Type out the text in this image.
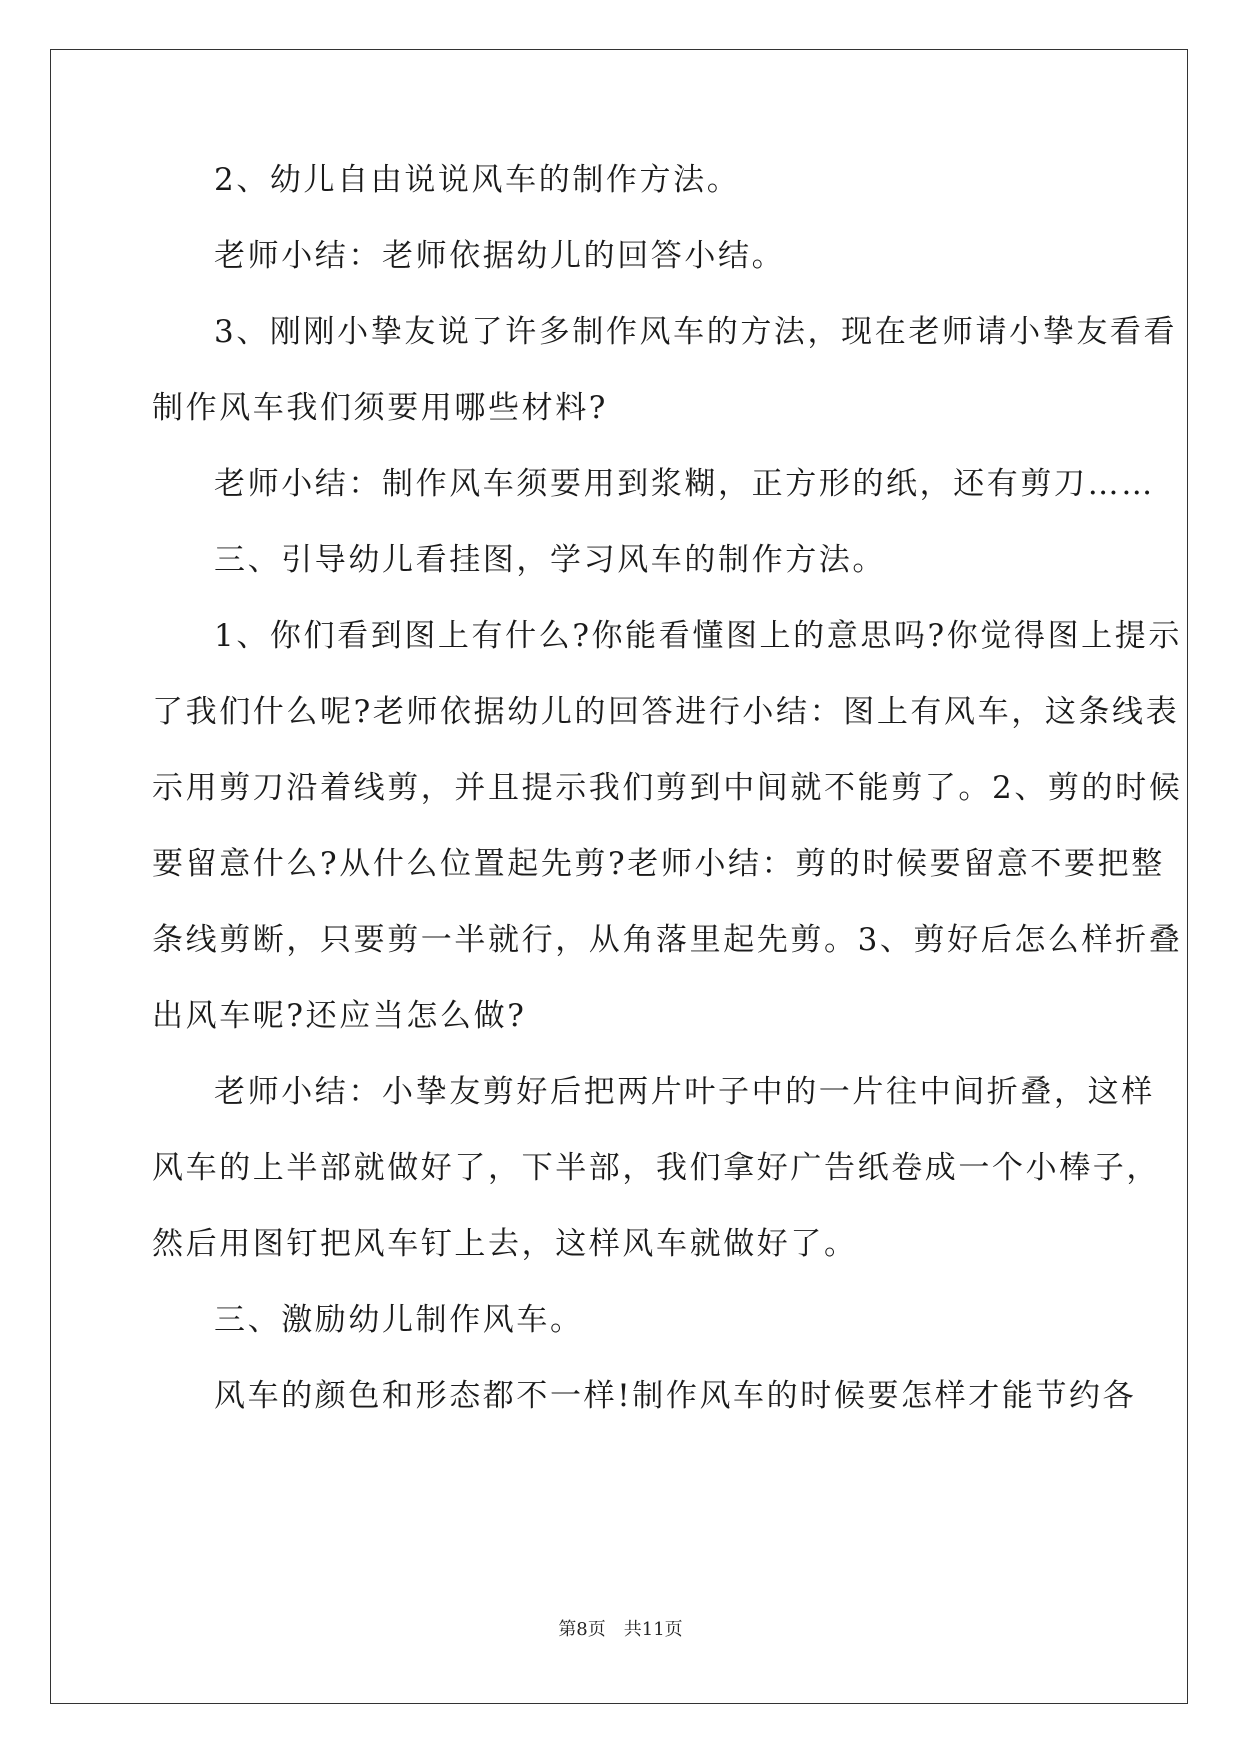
2、幼儿自由说说风车的制作方法。
老师小结：老师依据幼儿的回答小结。
3、刚刚小挚友说了许多制作风车的方法，现在老师请小挚友看看
制作风车我们须要用哪些材料?
老师小结：制作风车须要用到浆糊，正方形的纸，还有剪刀……
三、引导幼儿看挂图，学习风车的制作方法。
1、你们看到图上有什么?你能看懂图上的意思吗?你觉得图上提示
了我们什么呢?老师依据幼儿的回答进行小结：图上有风车，这条线表
示用剪刀沿着线剪，并且提示我们剪到中间就不能剪了。2、剪的时候
要留意什么?从什么位置起先剪?老师小结：剪的时候要留意不要把整
条线剪断，只要剪一半就行，从角落里起先剪。3、剪好后怎么样折叠
出风车呢?还应当怎么做?
老师小结：小挚友剪好后把两片叶子中的一片往中间折叠，这样
风车的上半部就做好了，下半部，我们拿好广告纸卷成一个小棒子，
然后用图钉把风车钉上去，这样风车就做好了。
三、激励幼儿制作风车。
风车的颜色和形态都不一样!制作风车的时候要怎样才能节约各
第8页　共11页
